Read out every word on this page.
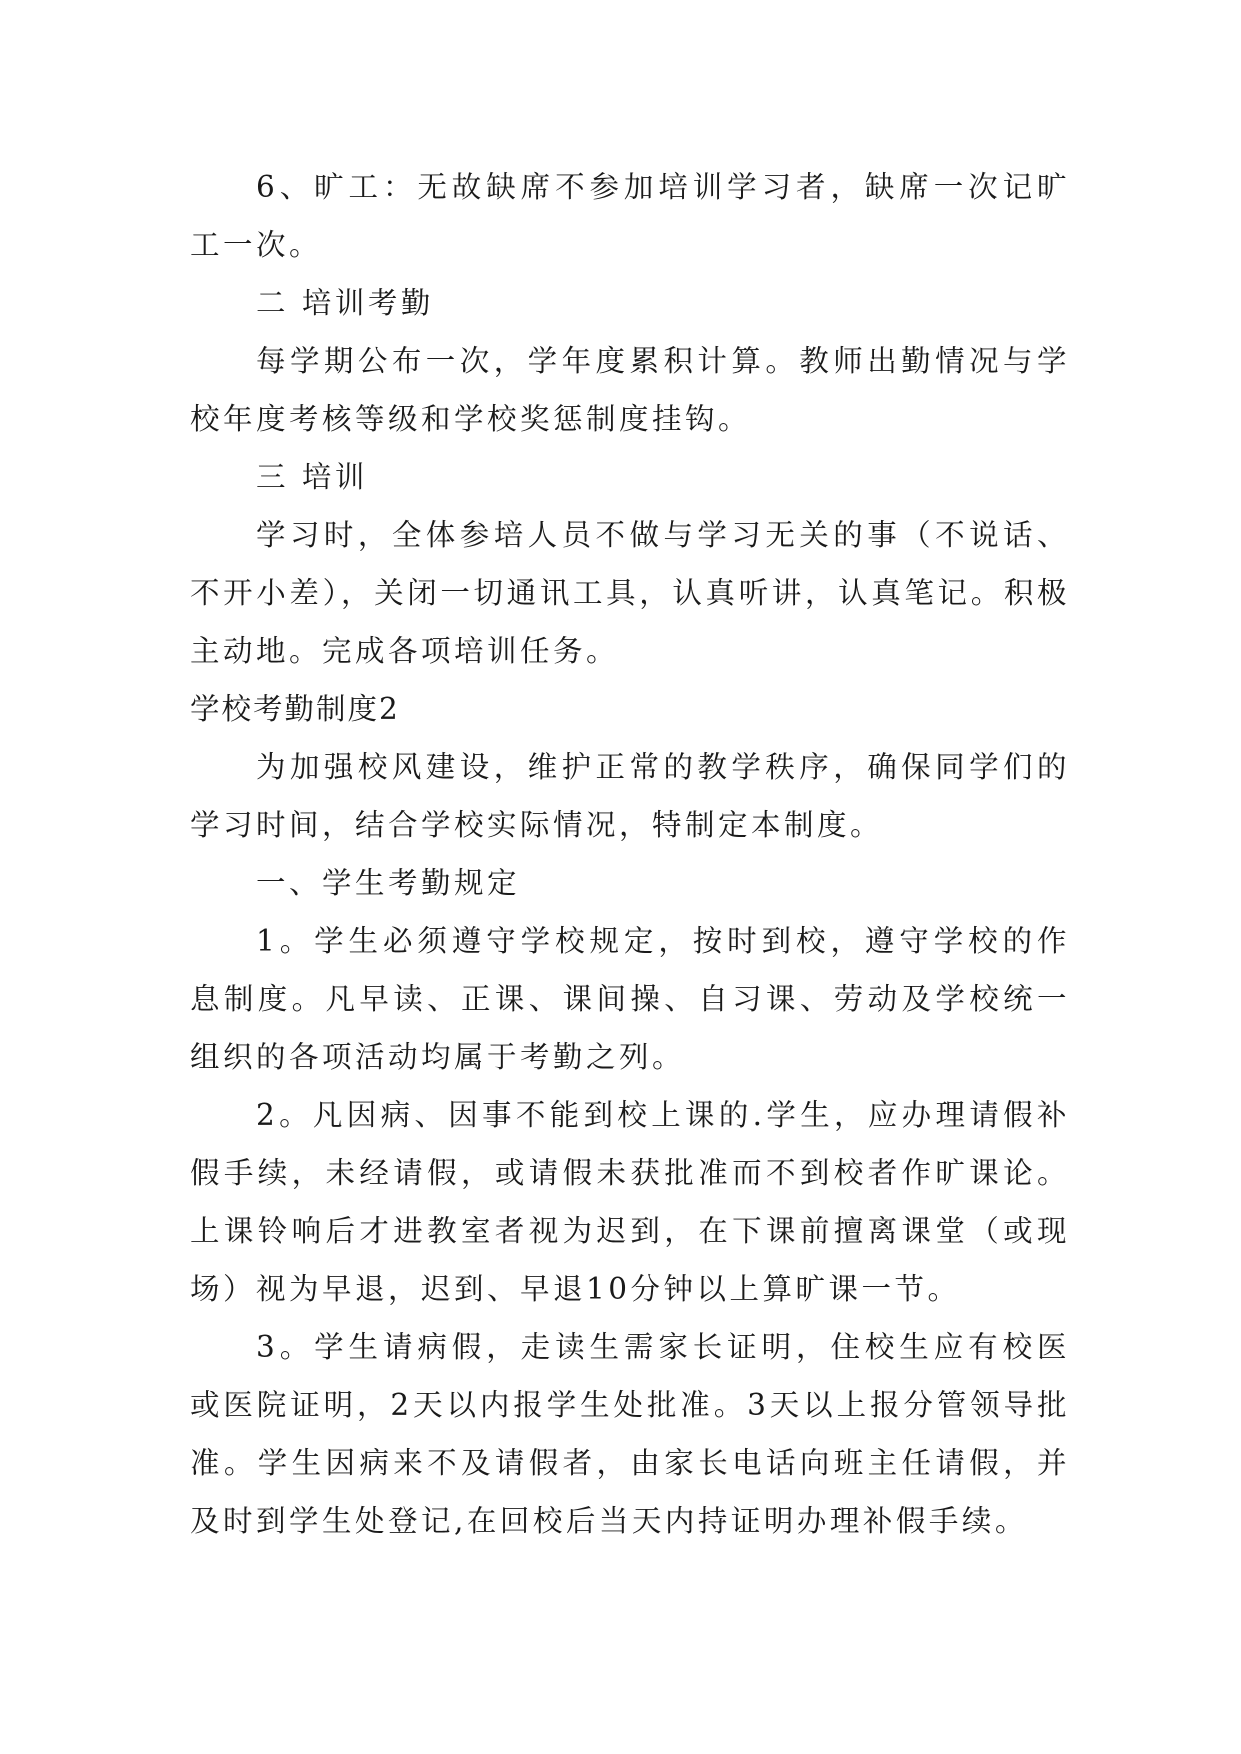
6、旷工：无故缺席不参加培训学习者，缺席一次记旷工一次。

二 培训考勤

每学期公布一次，学年度累积计算。教师出勤情况与学校年度考核等级和学校奖惩制度挂钩。

三 培训

学习时，全体参培人员不做与学习无关的事（不说话、不开小差），关闭一切通讯工具，认真听讲，认真笔记。积极主动地。完成各项培训任务。

学校考勤制度2

为加强校风建设，维护正常的教学秩序，确保同学们的学习时间，结合学校实际情况，特制定本制度。

一、学生考勤规定

1。学生必须遵守学校规定，按时到校，遵守学校的作息制度。凡早读、正课、课间操、自习课、劳动及学校统一组织的各项活动均属于考勤之列。

2。凡因病、因事不能到校上课的.学生，应办理请假补假手续，未经请假，或请假未获批准而不到校者作旷课论。上课铃响后才进教室者视为迟到，在下课前擅离课堂（或现场）视为早退，迟到、早退10分钟以上算旷课一节。

3。学生请病假，走读生需家长证明，住校生应有校医或医院证明，2天以内报学生处批准。3天以上报分管领导批准。学生因病来不及请假者，由家长电话向班主任请假，并及时到学生处登记,在回校后当天内持证明办理补假手续。
